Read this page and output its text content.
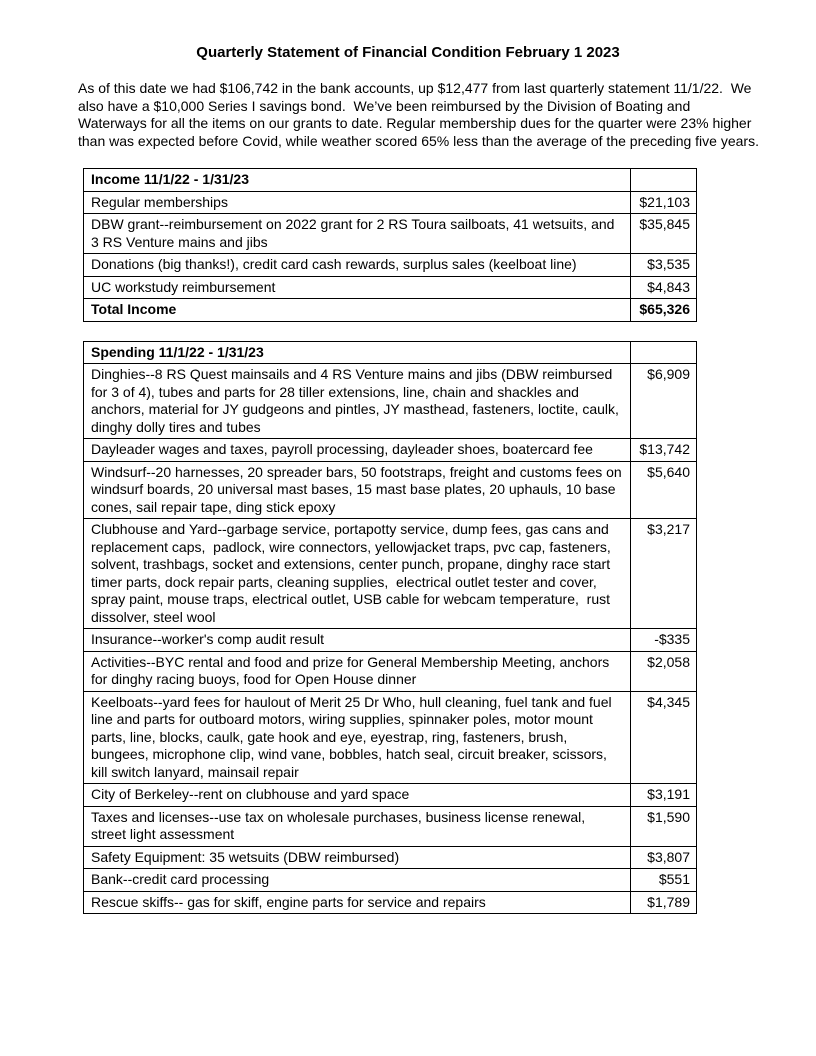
Quarterly Statement of Financial Condition February 1 2023

As of this date we had $106,742 in the bank accounts, up $12,477 from last quarterly statement 11/1/22.  We also have a $10,000 Series I savings bond.  We’ve been reimbursed by the Division of Boating and Waterways for all the items on our grants to date. Regular membership dues for the quarter were 23% higher than was expected before Covid, while weather scored 65% less than the average of the preceding five years.

Income 11/1/22 - 1/31/23	
Regular memberships	$21,103
DBW grant--reimbursement on 2022 grant for 2 RS Toura sailboats, 41 wetsuits, and 3 RS Venture mains and jibs	$35,845
Donations (big thanks!), credit card cash rewards, surplus sales (keelboat line)	$3,535
UC workstudy reimbursement	$4,843
Total Income	$65,326
Spending 11/1/22 - 1/31/23	
Dinghies--8 RS Quest mainsails and 4 RS Venture mains and jibs (DBW reimbursed for 3 of 4), tubes and parts for 28 tiller extensions, line, chain and shackles and anchors, material for JY gudgeons and pintles, JY masthead, fasteners, loctite, caulk, dinghy dolly tires and tubes	$6,909
Dayleader wages and taxes, payroll processing, dayleader shoes, boatercard fee	$13,742
Windsurf--20 harnesses, 20 spreader bars, 50 footstraps, freight and customs fees on windsurf boards, 20 universal mast bases, 15 mast base plates, 20 uphauls, 10 base cones, sail repair tape, ding stick epoxy	$5,640
Clubhouse and Yard--garbage service, portapotty service, dump fees, gas cans and replacement caps,  padlock, wire connectors, yellowjacket traps, pvc cap, fasteners, solvent, trashbags, socket and extensions, center punch, propane, dinghy race start timer parts, dock repair parts, cleaning supplies,  electrical outlet tester and cover, spray paint, mouse traps, electrical outlet, USB cable for webcam temperature,  rust dissolver, steel wool	$3,217
Insurance--worker's comp audit result	-$335
Activities--BYC rental and food and prize for General Membership Meeting, anchors for dinghy racing buoys, food for Open House dinner	$2,058
Keelboats--yard fees for haulout of Merit 25 Dr Who, hull cleaning, fuel tank and fuel line and parts for outboard motors, wiring supplies, spinnaker poles, motor mount parts, line, blocks, caulk, gate hook and eye, eyestrap, ring, fasteners, brush, bungees, microphone clip, wind vane, bobbles, hatch seal, circuit breaker, scissors, kill switch lanyard, mainsail repair	$4,345
City of Berkeley--rent on clubhouse and yard space	$3,191
Taxes and licenses--use tax on wholesale purchases, business license renewal, street light assessment	$1,590
Safety Equipment: 35 wetsuits (DBW reimbursed)	$3,807
Bank--credit card processing	$551
Rescue skiffs-- gas for skiff, engine parts for service and repairs	$1,789
